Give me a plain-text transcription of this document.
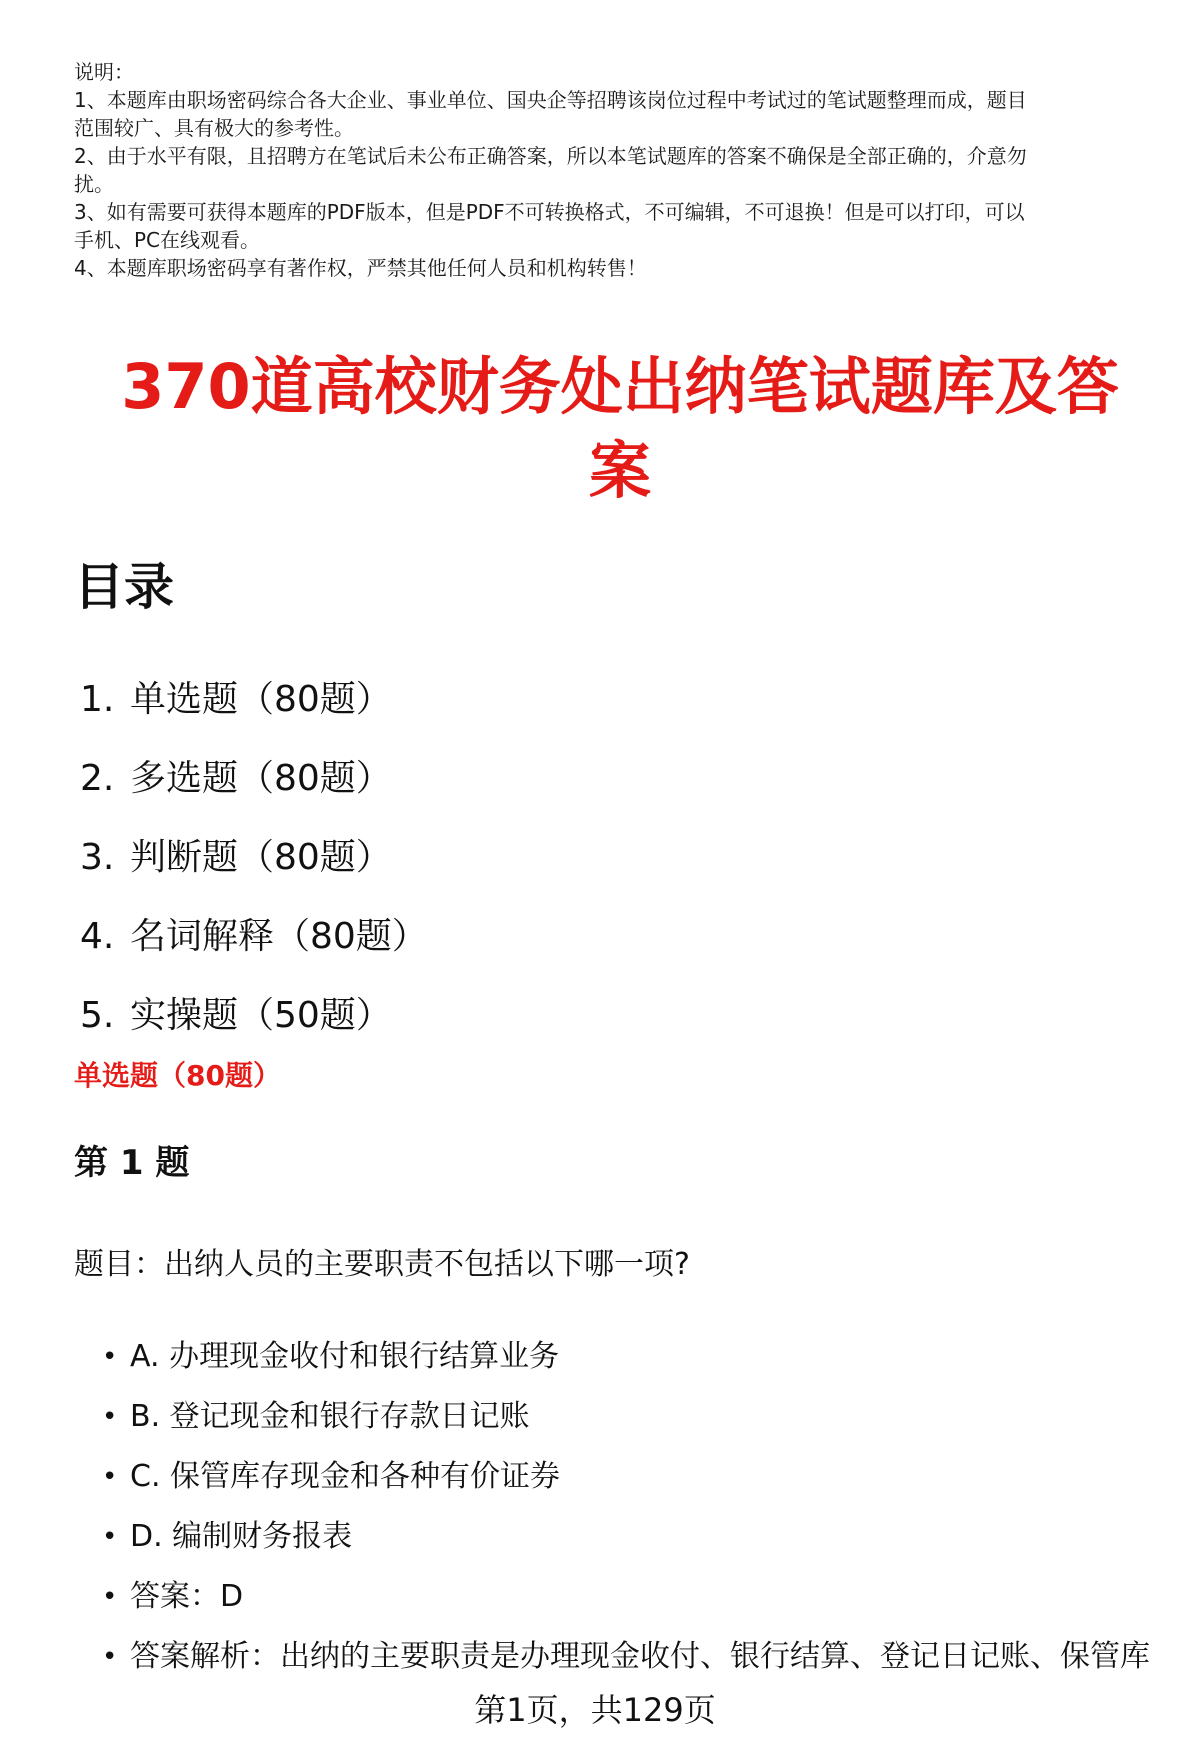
说明：
1、本题库由职场密码综合各大企业、事业单位、国央企等招聘该岗位过程中考试过的笔试题整理而成，题目
范围较广、具有极大的参考性。
2、由于水平有限，且招聘方在笔试后未公布正确答案，所以本笔试题库的答案不确保是全部正确的，介意勿
扰。
3、如有需要可获得本题库的PDF版本，但是PDF不可转换格式，不可编辑，不可退换！但是可以打印，可以
手机、PC在线观看。
4、本题库职场密码享有著作权，严禁其他任何人员和机构转售！
370道高校财务处出纳笔试题库及答
案
目录
1. 单选题（80题）
2. 多选题（80题）
3. 判断题（80题）
4. 名词解释（80题）
5. 实操题（50题）
单选题（80题）
第 1 题
题目：出纳人员的主要职责不包括以下哪一项?
• A. 办理现金收付和银行结算业务
• B. 登记现金和银行存款日记账
• C. 保管库存现金和各种有价证券
• D. 编制财务报表
• 答案：D
• 答案解析：出纳的主要职责是办理现金收付、银行结算、登记日记账、保管库
第1页，共129页
